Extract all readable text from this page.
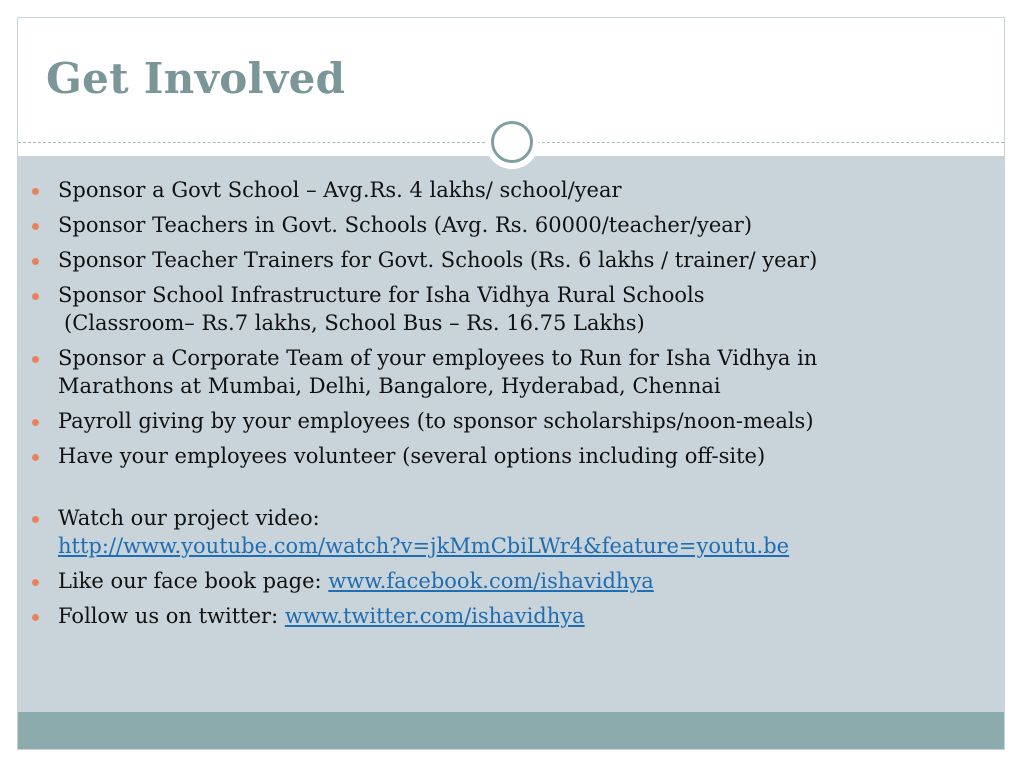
Get Involved
Sponsor a Govt School – Avg.Rs. 4 lakhs/ school/year
Sponsor Teachers in Govt. Schools (Avg. Rs. 60000/teacher/year)
Sponsor Teacher Trainers for Govt. Schools (Rs. 6 lakhs / trainer/ year)
Sponsor School Infrastructure for Isha Vidhya Rural Schools
(Classroom– Rs.7 lakhs, School Bus – Rs. 16.75 Lakhs)
Sponsor a Corporate Team of your employees to Run for Isha Vidhya in
Marathons at Mumbai, Delhi, Bangalore, Hyderabad, Chennai
Payroll giving by your employees (to sponsor scholarships/noon-meals)
Have your employees volunteer (several options including off-site)
Watch our project video:
http://www.youtube.com/watch?v=jkMmCbiLWr4&feature=youtu.be
Like our face book page: www.facebook.com/ishavidhya
Follow us on twitter: www.twitter.com/ishavidhya
